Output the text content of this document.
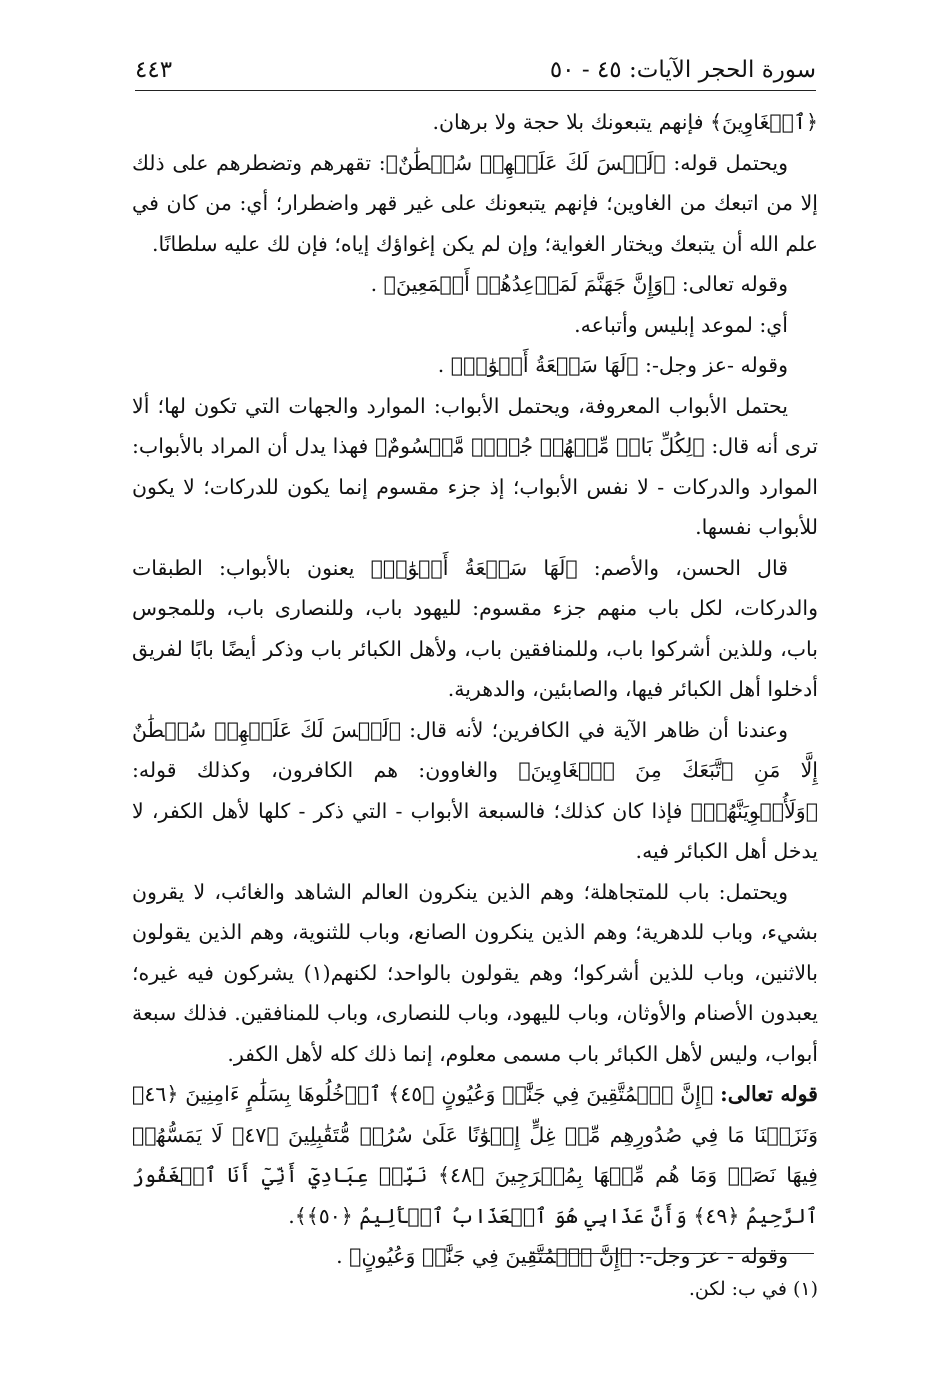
سورة الحجر الآيات: ٤٥ - ٥٠
٤٤٣

﴿ٱلۡغَاوِينَ﴾ فإنهم يتبعونك بلا حجة ولا برهان.

ويحتمل قوله: ﴿لَيۡسَ لَكَ عَلَيۡهِمۡ سُلۡطَٰنٌ﴾: تقهرهم وتضطرهم على ذلك إلا من اتبعك من الغاوين؛ فإنهم يتبعونك على غير قهر واضطرار؛ أي: من كان في علم الله أن يتبعك ويختار الغواية؛ وإن لم يكن إغواؤك إياه؛ فإن لك عليه سلطانًا.

وقوله تعالى: ﴿وَإِنَّ جَهَنَّمَ لَمَوۡعِدُهُمۡ أَجۡمَعِينَ﴾ .

أي: لموعد إبليس وأتباعه.

وقوله -عز وجل-: ﴿لَهَا سَبۡعَةُ أَبۡوَٰبٖ﴾ .

يحتمل الأبواب المعروفة، ويحتمل الأبواب: الموارد والجهات التي تكون لها؛ ألا ترى أنه قال: ﴿لِكُلِّ بَابٖ مِّنۡهُمۡ جُزۡءٞ مَّقۡسُومٌ﴾ فهذا يدل أن المراد بالأبواب: الموارد والدركات - لا نفس الأبواب؛ إذ جزء مقسوم إنما يكون للدركات؛ لا يكون للأبواب نفسها.

قال الحسن، والأصم: ﴿لَهَا سَبۡعَةُ أَبۡوَٰبٖ﴾ يعنون بالأبواب: الطبقات والدركات، لكل باب منهم جزء مقسوم: لليهود باب، وللنصارى باب، وللمجوس باب، وللذين أشركوا باب، وللمنافقين باب، ولأهل الكبائر باب وذكر أيضًا بابًا لفريق أدخلوا أهل الكبائر فيها، والصابئين، والدهرية.

وعندنا أن ظاهر الآية في الكافرين؛ لأنه قال: ﴿لَيۡسَ لَكَ عَلَيۡهِمۡ سُلۡطَٰنٌ إِلَّا مَنِ ٱتَّبَعَكَ مِنَ ٱلۡغَاوِينَ﴾ والغاوون: هم الكافرون، وكذلك قوله: ﴿وَلَأُغۡوِيَنَّهُمۡ﴾ فإذا كان كذلك؛ فالسبعة الأبواب - التي ذكر - كلها لأهل الكفر، لا يدخل أهل الكبائر فيه.

ويحتمل: باب للمتجاهلة؛ وهم الذين ينكرون العالم الشاهد والغائب، لا يقرون بشيء، وباب للدهرية؛ وهم الذين ينكرون الصانع، وباب للثنوية، وهم الذين يقولون بالاثنين، وباب للذين أشركوا؛ وهم يقولون بالواحد؛ لكنهم(١) يشركون فيه غيره؛ يعبدون الأصنام والأوثان، وباب لليهود، وباب للنصارى، وباب للمنافقين. فذلك سبعة أبواب، وليس لأهل الكبائر باب مسمى معلوم، إنما ذلك كله لأهل الكفر.

قوله تعالى: ﴿إِنَّ ٱلۡمُتَّقِينَ فِي جَنَّٰتٖ وَعُيُونٍ ﴿٤٥﴾ ٱدۡخُلُوهَا بِسَلَٰمٍ ءَامِنِينَ ﴿٤٦﴾ وَنَزَعۡنَا مَا فِي صُدُورِهِم مِّنۡ غِلٍّ إِخۡوَٰنًا عَلَىٰ سُرُرٖ مُّتَقَٰبِلِينَ ﴿٤٧﴾ لَا يَمَسُّهُمۡ فِيهَا نَصَبٞ وَمَا هُم مِّنۡهَا بِمُخۡرَجِينَ ﴿٤٨﴾ نَبِّئۡ عِبَادِيٓ أَنِّيٓ أَنَا ٱلۡغَفُورُ ٱلرَّحِيمُ ﴿٤٩﴾ وَأَنَّ عَذَابِي هُوَ ٱلۡعَذَابُ ٱلۡأَلِيمُ ﴿٥٠﴾﴾.

وقوله - عز وجل-: ﴿إِنَّ ٱلۡمُتَّقِينَ فِي جَنَّٰتٖ وَعُيُونٍ﴾ .

(١) في ب: لكن.
